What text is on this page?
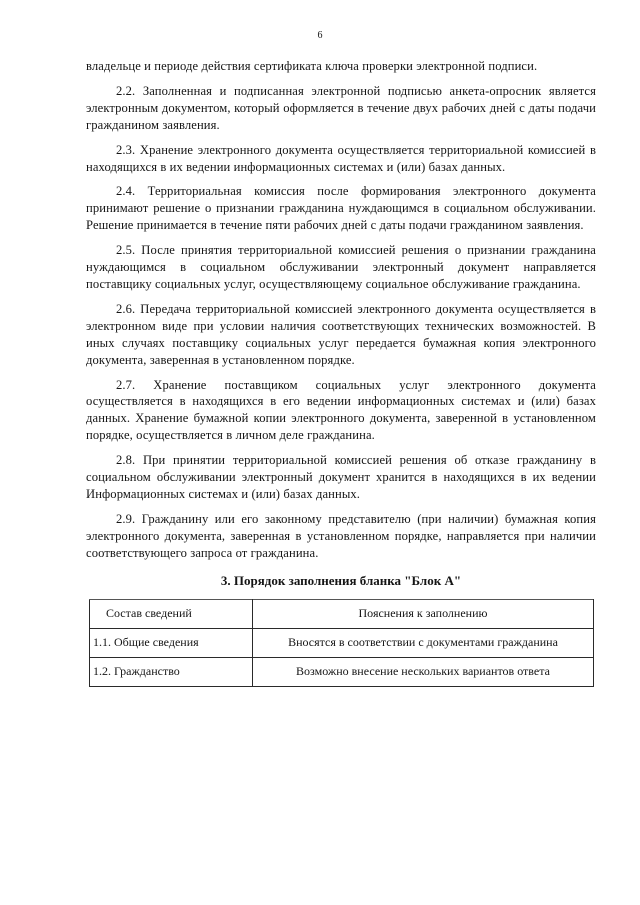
6

владельце и периоде действия сертификата ключа проверки электронной подписи.

2.2. Заполненная и подписанная электронной подписью анкета-опросник является электронным документом, который оформляется в течение двух рабочих дней с даты подачи гражданином заявления.

2.3. Хранение электронного документа осуществляется территориальной комиссией в находящихся в их ведении информационных системах и (или) базах данных.

2.4. Территориальная комиссия после формирования электронного документа принимают решение о признании гражданина нуждающимся в социальном обслуживании. Решение принимается в течение пяти рабочих дней с даты подачи гражданином заявления.

2.5. После принятия территориальной комиссией решения о признании гражданина нуждающимся в социальном обслуживании электронный документ направляется поставщику социальных услуг, осуществляющему социальное обслуживание гражданина.

2.6. Передача территориальной комиссией электронного документа осуществляется в электронном виде при условии наличия соответствующих технических возможностей. В иных случаях поставщику социальных услуг передается бумажная копия электронного документа, заверенная в установленном порядке.

2.7. Хранение поставщиком социальных услуг электронного документа осуществляется в находящихся в его ведении информационных системах и (или) базах данных. Хранение бумажной копии электронного документа, заверенной в установленном порядке, осуществляется в личном деле гражданина.

2.8. При принятии территориальной комиссией решения об отказе гражданину в социальном обслуживании электронный документ хранится в находящихся в их ведении Информационных системах и (или) базах данных.

2.9. Гражданину или его законному представителю (при наличии) бумажная копия электронного документа, заверенная в установленном порядке, направляется при наличии соответствующего запроса от гражданина.

3. Порядок заполнения бланка "Блок А"
Состав сведений	Пояснения к заполнению
1.1. Общие сведения	Вносятся в соответствии с документами гражданина
1.2. Гражданство	Возможно внесение нескольких вариантов ответа
